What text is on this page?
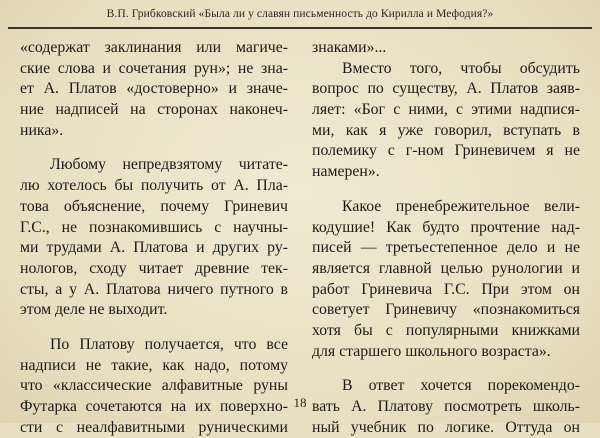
В.П. Грибковский «Была ли у славян письменность до Кирилла и Мефодия?»
«содержат заклинания или магиче-
ские слова и сочетания рун»; не зна-
ет А. Платов «достоверно» и значе-
ние надписей на сторонах наконеч-
ника».
Любому непредвзятому читате-
лю хотелось бы получить от А. Пла-
това объяснение, почему Гриневич
Г.С., не познакомившись с научны-
ми трудами А. Платова и других ру-
нологов, сходу читает древние тек-
сты, а у А. Платова ничего путного в
этом деле не выходит.
По Платову получается, что все
надписи не такие, как надо, потому
что «классические алфавитные руны
Футарка сочетаются на их поверхно-
сти с неалфавитными руническими
знаками»...
Вместо того, чтобы обсудить
вопрос по существу, А. Платов заяв-
ляет: «Бог с ними, с этими надпися-
ми, как я уже говорил, вступать в
полемику с г-ном Гриневичем я не
намерен».
Какое пренебрежительное вели-
кодушие! Как будто прочтение над-
писей — третьестепенное дело и не
является главной целью рунологии и
работ Гриневича Г.С. При этом он
советует Гриневичу «познакомиться
хотя бы с популярными книжками
для старшего школьного возраста».
В ответ хочется порекомендо-
вать А. Платову посмотреть школь-
ный учебник по логике. Оттуда он
18
